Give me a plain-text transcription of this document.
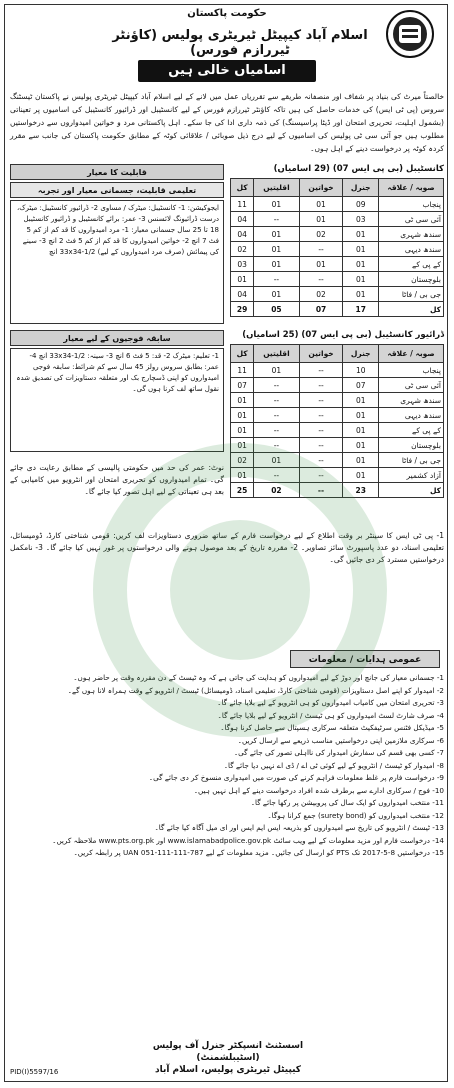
حکومت پاکستان
اسلام آباد کیپیٹل ٹیریٹری پولیس (کاؤنٹر ٹیررازم فورس)
اسامیاں خالی ہیں
خالصتاً میرٹ کی بنیاد پر شفاف اور منصفانہ طریقے سے تقرریاں عمل میں لانے کے لیے اسلام آباد کیپیٹل ٹیریٹری پولیس نے پاکستان ٹیسٹنگ سروس (پی ٹی ایس) کی خدمات حاصل کی ہیں تاکہ کاؤنٹر ٹیررازم فورس کے لیے کانسٹیبل اور ڈرائیور کانسٹیبل کی اسامیوں پر تعیناتی (بشمول اہلیت، تحریری امتحان اور ڈیٹا پراسیسنگ) کی ذمہ داری ادا کی جا سکے۔ اہل پاکستانی مرد و خواتین امیدواروں سے درخواستیں مطلوب ہیں جو آئی سی ٹی پولیس کی اسامیوں کے لیے درج ذیل صوبائی / علاقائی کوٹہ کے مطابق حکومت پاکستان کی جانب سے مقرر کردہ کوٹہ پر درخواست دینے کے اہل ہوں۔
کانسٹیبل (بی پی ایس 07) (29 اسامیاں)
صوبہ / علاقہ	جنرل	خواتین	اقلیتیں	کل
پنجاب	09	01	01	11
آئی سی ٹی	03	01	--	04
سندھ شہری	01	02	01	04
سندھ دیہی	01	--	01	02
کے پی کے	01	01	01	03
بلوچستان	01	--	--	01
جی بی / فاٹا	01	02	01	04
کل	17	07	05	29
ڈرائیور کانسٹیبل (بی پی ایس 07) (25 اسامیاں)
صوبہ / علاقہ	جنرل	خواتین	اقلیتیں	کل
پنجاب	10	--	01	11
آئی سی ٹی	07	--	--	07
سندھ شہری	01	--	--	01
سندھ دیہی	01	--	--	01
کے پی کے	01	--	--	01
بلوچستان	01	--	--	01
جی بی / فاٹا	01	--	01	02
آزاد کشمیر	01	--	--	01
کل	23	--	02	25
قابلیت کا معیار
تعلیمی قابلیت، جسمانی معیار اور تجربہ
ایجوکیشن: 1- کانسٹیبل: میٹرک / مساوی 2- ڈرائیور کانسٹیبل: میٹرک، درست ڈرائیونگ لائسنس 3- عمر: برائے کانسٹیبل و ڈرائیور کانسٹیبل 18 تا 25 سال جسمانی معیار: 1- مرد امیدواروں کا قد کم از کم 5 فٹ 7 انچ 2- خواتین امیدواروں کا قد کم از کم 5 فٹ 2 انچ 3- سینے کی پیمائش (صرف مرد امیدواروں کے لیے) 33x34-1/2 انچ
سابقہ فوجیوں کے لیے معیار
1- تعلیم: میٹرک 2- قد: 5 فٹ 6 انچ 3- سینہ: 33x34-1/2 انچ 4- عمر: بطابق سروس رولز 45 سال سے کم شرائط: سابقہ فوجی امیدواروں کو اپنی ڈسچارج بک اور متعلقہ دستاویزات کی تصدیق شدہ نقول ساتھ لف کرنا ہوں گی۔
نوٹ: عمر کی حد میں حکومتی پالیسی کے مطابق رعایت دی جائے گی۔ تمام امیدواروں کو تحریری امتحان اور انٹرویو میں کامیابی کے بعد ہی تعیناتی کے لیے اہل تصور کیا جائے گا۔
1- پی ٹی ایس کا سینٹر بر وقت اطلاع کے لیے درخواست فارم کے ساتھ ضروری دستاویزات لف کریں: قومی شناختی کارڈ، ڈومیسائل، تعلیمی اسناد، دو عدد پاسپورٹ سائز تصاویر۔ 2- مقررہ تاریخ کے بعد موصول ہونے والی درخواستوں پر غور نہیں کیا جائے گا۔ 3- نامکمل درخواستیں مسترد کر دی جائیں گی۔
عمومی ہدایات / معلومات
1- جسمانی معیار کی جانچ اور دوڑ کے لیے امیدواروں کو ہدایت کی جاتی ہے کہ وہ ٹیسٹ کے دن مقررہ وقت پر حاضر ہوں۔
2- امیدوار کو اپنے اصل دستاویزات (قومی شناختی کارڈ، تعلیمی اسناد، ڈومیسائل) ٹیسٹ / انٹرویو کے وقت ہمراہ لانا ہوں گے۔
3- تحریری امتحان میں کامیاب امیدواروں کو ہی انٹرویو کے لیے بلایا جائے گا۔
4- صرف شارٹ لسٹ امیدواروں کو ہی ٹیسٹ / انٹرویو کے لیے بلایا جائے گا۔
5- میڈیکل فٹنس سرٹیفکیٹ متعلقہ سرکاری ہسپتال سے حاصل کرنا ہوگا۔
6- سرکاری ملازمین اپنی درخواستیں مناسب ذریعے سے ارسال کریں۔
7- کسی بھی قسم کی سفارش امیدوار کی نااہلی تصور کی جائے گی۔
8- امیدوار کو ٹیسٹ / انٹرویو کے لیے کوئی ٹی اے / ڈی اے نہیں دیا جائے گا۔
9- درخواست فارم پر غلط معلومات فراہم کرنے کی صورت میں امیدواری منسوخ کر دی جائے گی۔
10- فوج / سرکاری ادارے سے برطرف شدہ افراد درخواست دینے کے اہل نہیں ہیں۔
11- منتخب امیدواروں کو ایک سال کی پروبیشن پر رکھا جائے گا۔
12- منتخب امیدواروں کو (surety bond) جمع کرانا ہوگا۔
13- ٹیسٹ / انٹرویو کی تاریخ سے امیدواروں کو بذریعہ ایس ایم ایس اور ای میل آگاہ کیا جائے گا۔
14- درخواست فارم اور مزید معلومات کے لیے ویب سائٹ www.islamabadpolice.gov.pk اور www.pts.org.pk ملاحظہ کریں۔
15- درخواستیں 8-5-2017 تک PTS کو ارسال کی جائیں۔ مزید معلومات کے لیے UAN 051-111-111-787 پر رابطہ کریں۔
اسسٹنٹ انسپکٹر جنرل آف پولیس (اسٹیبلشمنٹ)
کیپیٹل ٹیریٹری پولیس، اسلام آباد
PID(I)5597/16
